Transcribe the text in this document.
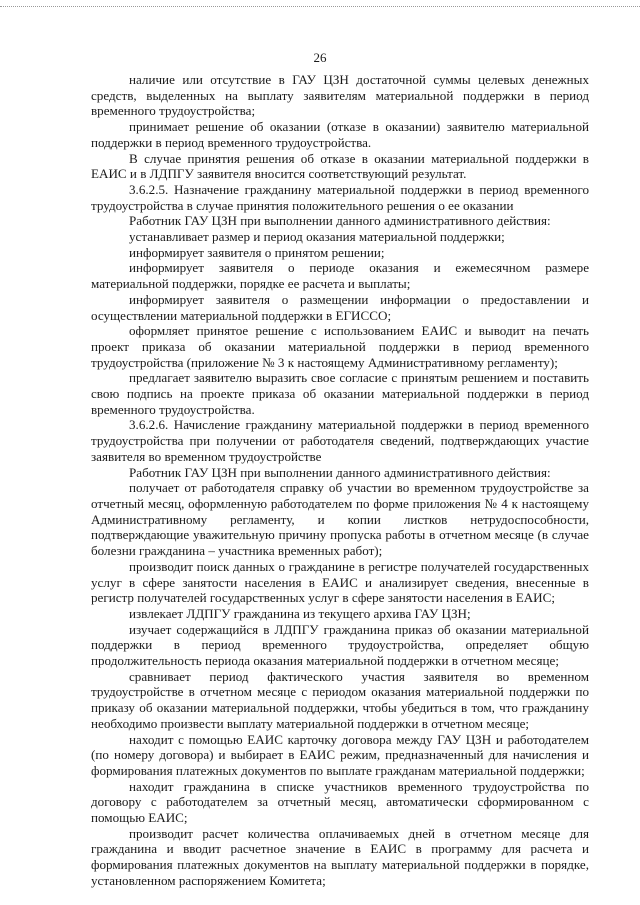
26

наличие или отсутствие в ГАУ ЦЗН достаточной суммы целевых денежных средств, выделенных на выплату заявителям материальной поддержки в период временного трудоустройства;

принимает решение об оказании (отказе в оказании) заявителю материальной поддержки в период временного трудоустройства.

В случае принятия решения об отказе в оказании материальной поддержки в ЕАИС и в ЛДПГУ заявителя вносится соответствующий результат.

3.6.2.5. Назначение гражданину материальной поддержки в период временного трудоустройства в случае принятия положительного решения о ее оказании

Работник ГАУ ЦЗН при выполнении данного административного действия:

устанавливает размер и период оказания материальной поддержки;

информирует заявителя о принятом решении;

информирует заявителя о периоде оказания и ежемесячном размере материальной поддержки, порядке ее расчета и выплаты;

информирует заявителя о размещении информации о предоставлении и осуществлении материальной поддержки в ЕГИССО;

оформляет принятое решение с использованием ЕАИС и выводит на печать проект приказа об оказании материальной поддержки в период временного трудоустройства (приложение № 3 к настоящему Административному регламенту);

предлагает заявителю выразить свое согласие с принятым решением и поставить свою подпись на проекте приказа об оказании материальной поддержки в период временного трудоустройства.

3.6.2.6. Начисление гражданину материальной поддержки в период временного трудоустройства при получении от работодателя сведений, подтверждающих участие заявителя во временном трудоустройстве

Работник ГАУ ЦЗН при выполнении данного административного действия:

получает от работодателя справку об участии во временном трудоустройстве за отчетный месяц, оформленную работодателем по форме приложения № 4 к настоящему Административному регламенту, и копии листков нетрудоспособности, подтверждающие уважительную причину пропуска работы в отчетном месяце (в случае болезни гражданина – участника временных работ);

производит поиск данных о гражданине в регистре получателей государственных услуг в сфере занятости населения в ЕАИС и анализирует сведения, внесенные в регистр получателей государственных услуг в сфере занятости населения в ЕАИС;

извлекает ЛДПГУ гражданина из текущего архива ГАУ ЦЗН;

изучает содержащийся в ЛДПГУ гражданина приказ об оказании материальной поддержки в период временного трудоустройства, определяет общую продолжительность периода оказания материальной поддержки в отчетном месяце;

сравнивает период фактического участия заявителя во временном трудоустройстве в отчетном месяце с периодом оказания материальной поддержки по приказу об оказании материальной поддержки, чтобы убедиться в том, что гражданину необходимо произвести выплату материальной поддержки в отчетном месяце;

находит с помощью ЕАИС карточку договора между ГАУ ЦЗН и работодателем (по номеру договора) и выбирает в ЕАИС режим, предназначенный для начисления и формирования платежных документов по выплате гражданам материальной поддержки;

находит гражданина в списке участников временного трудоустройства по договору с работодателем за отчетный месяц, автоматически сформированном с помощью ЕАИС;

производит расчет количества оплачиваемых дней в отчетном месяце для гражданина и вводит расчетное значение в ЕАИС в программу для расчета и формирования платежных документов на выплату материальной поддержки в порядке, установленном распоряжением Комитета;
